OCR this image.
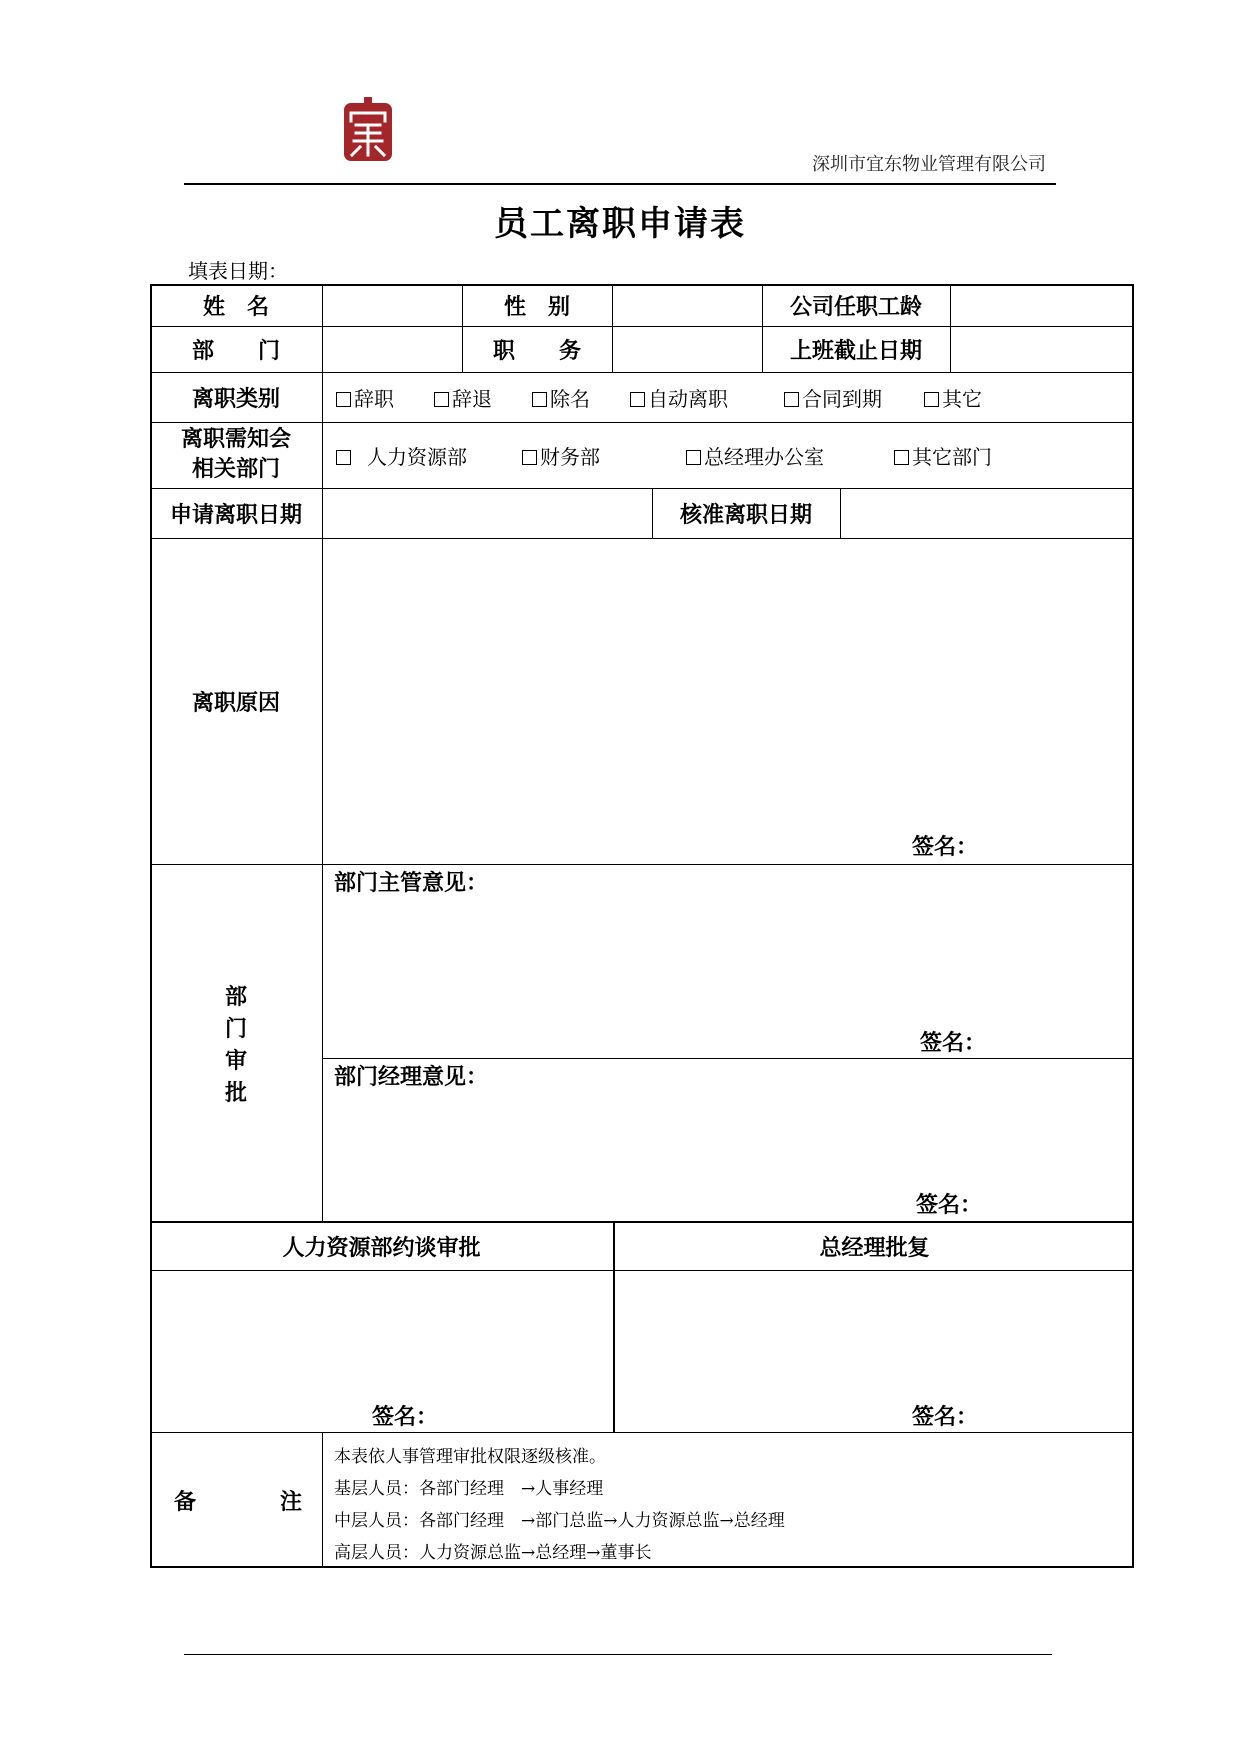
深圳市宜东物业管理有限公司
员工离职申请表
填表日期：
姓　名	性　别	公司任职工龄
部　　门	职　　务	上班截止日期
离职类别	辞职	辞退	除名	自动离职	合同到期	其它
离职需知会
相关部门
人力资源部	财务部	总经理办公室	其它部门
申请离职日期	核准离职日期
离职原因
签名：
部
门
审
批
部门主管意见：
签名：
部门经理意见：
签名：
人力资源部约谈审批	总经理批复
签名：	签名：
备	注
本表依人事管理审批权限逐级核准。
基层人员：各部门经理　→人事经理
中层人员：各部门经理　→部门总监→人力资源总监→总经理
高层人员：人力资源总监→总经理→董事长
